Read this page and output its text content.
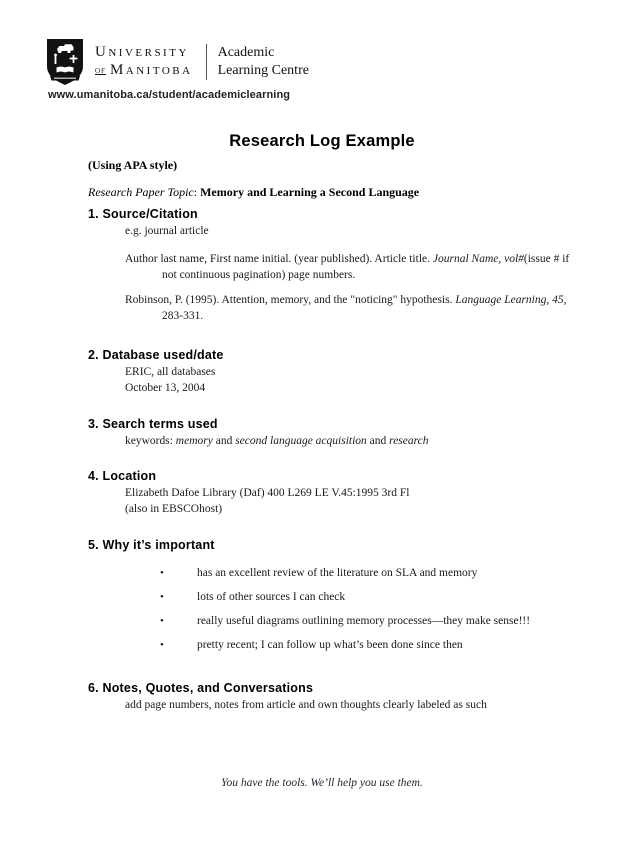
University
of Manitoba
Academic
Learning Centre
www.umanitoba.ca/student/academiclearning
Research Log Example
(Using APA style)
Research Paper Topic: Memory and Learning a Second Language
1. Source/Citation
e.g. journal article
Author last name, First name initial. (year published). Article title. Journal Name, vol#(issue # if
not continuous pagination) page numbers.
Robinson, P. (1995). Attention, memory, and the "noticing" hypothesis. Language Learning, 45,
283-331.
2. Database used/date
ERIC, all databases
October 13, 2004
3. Search terms used
keywords: memory and second language acquisition and research
4. Location
Elizabeth Dafoe Library (Daf) 400 L269 LE V.45:1995 3rd Fl
(also in EBSCOhost)
5. Why it’s important
•	has an excellent review of the literature on SLA and memory
•	lots of other sources I can check
•	really useful diagrams outlining memory processes—they make sense!!!
•	pretty recent; I can follow up what’s been done since then
6. Notes, Quotes, and Conversations
add page numbers, notes from article and own thoughts clearly labeled as such
You have the tools. We’ll help you use them.
